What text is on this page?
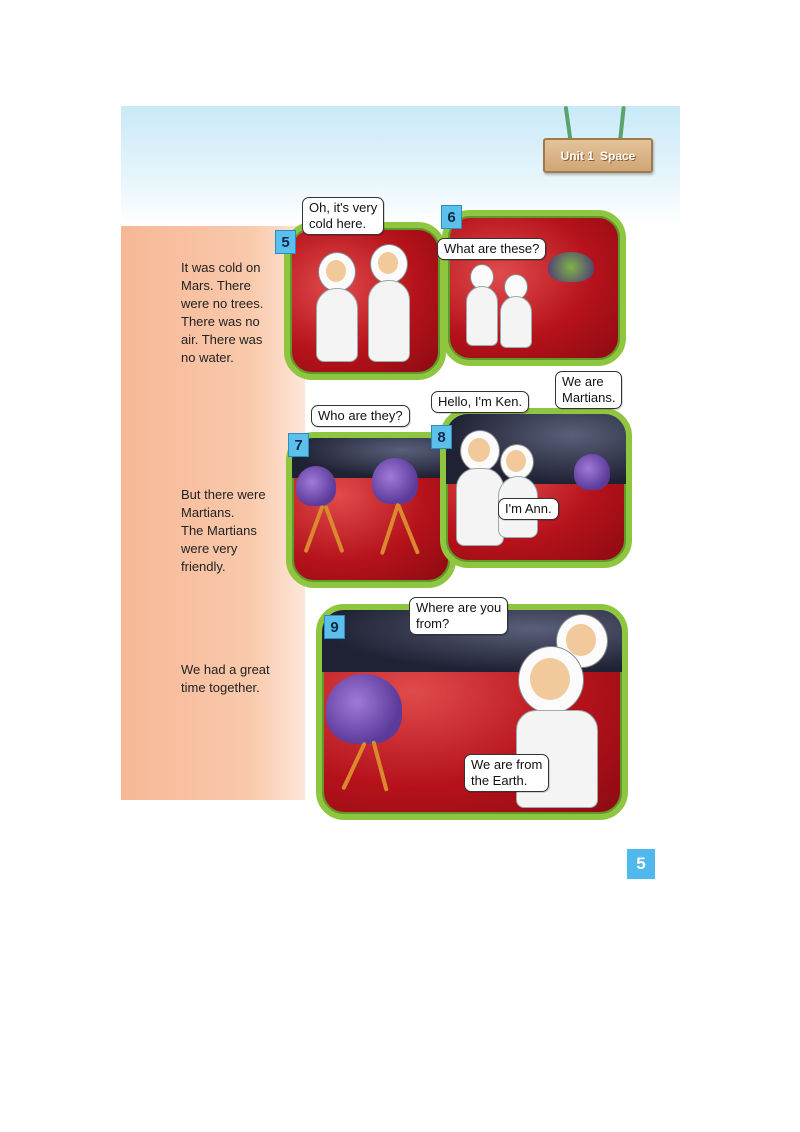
Unit 1 Space
It was cold on
Mars. There
were no trees.
There was no
air. There was
no water.
But there were
Martians.
The Martians
were very
friendly.
We had a great
time together.
5
Oh, it's very
cold here.	6
What are these?
7
Who are they?
8
Hello, I'm Ken.
We are
Martians.
I'm Ann.
9
Where are you
from?
We are from
the Earth.
5
